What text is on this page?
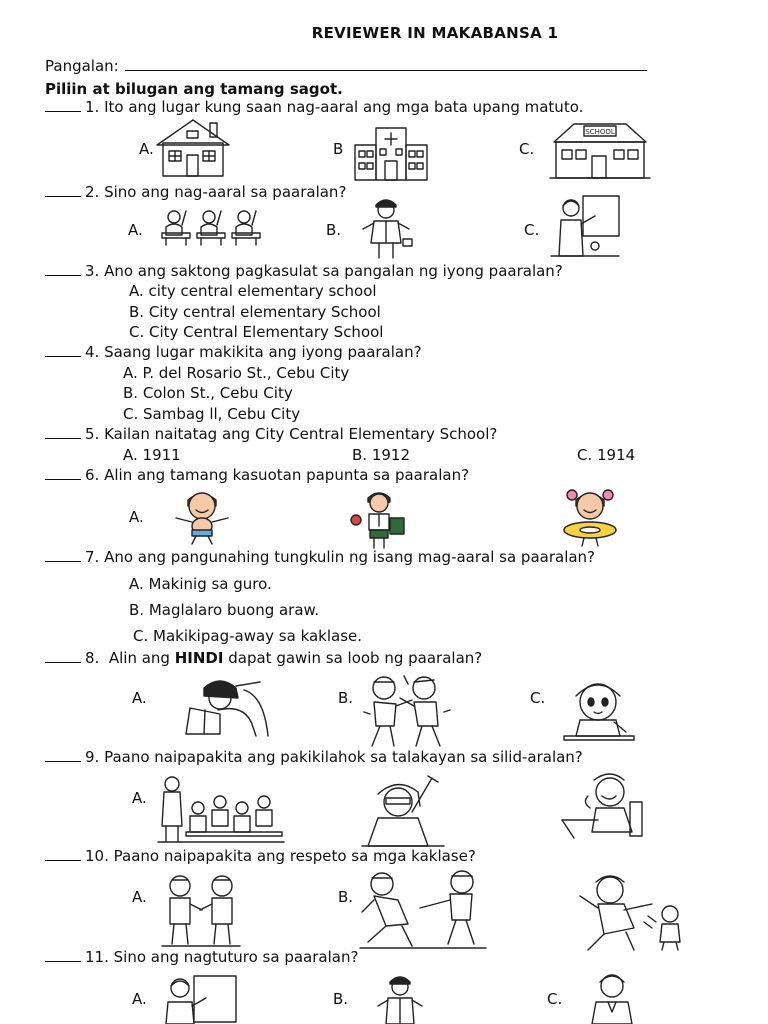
REVIEWER IN MAKABANSA 1
Pangalan:
Piliin at bilugan ang tamang sagot.
1. Ito ang lugar kung saan nag-aaral ang mga bata upang matuto.
A.	B	C.
SCHOOL
2. Sino ang nag-aaral sa paaralan?
A.	B.	C.
3. Ano ang saktong pagkasulat sa pangalan ng iyong paaralan?
A. city central elementary school
B. City central elementary School
C. City Central Elementary School
4. Saang lugar makikita ang iyong paaralan?
A. P. del Rosario St., Cebu City
B. Colon St., Cebu City
C. Sambag ll, Cebu City
5. Kailan naitatag ang City Central Elementary School?
A. 1911	B. 1912	C. 1914
6. Alin ang tamang kasuotan papunta sa paaralan?
A.
7. Ano ang pangunahing tungkulin ng isang mag-aaral sa paaralan?
A. Makinig sa guro.
B. Maglalaro buong araw.
C. Makikipag-away sa kaklase.
8. Alin ang HINDI dapat gawin sa loob ng paaralan?
A.	B.	C.
9. Paano naipapakita ang pakikilahok sa talakayan sa silid-aralan?
A.
10. Paano naipapakita ang respeto sa mga kaklase?
A.	B.
11. Sino ang nagtuturo sa paaralan?
A.	B.	C.
